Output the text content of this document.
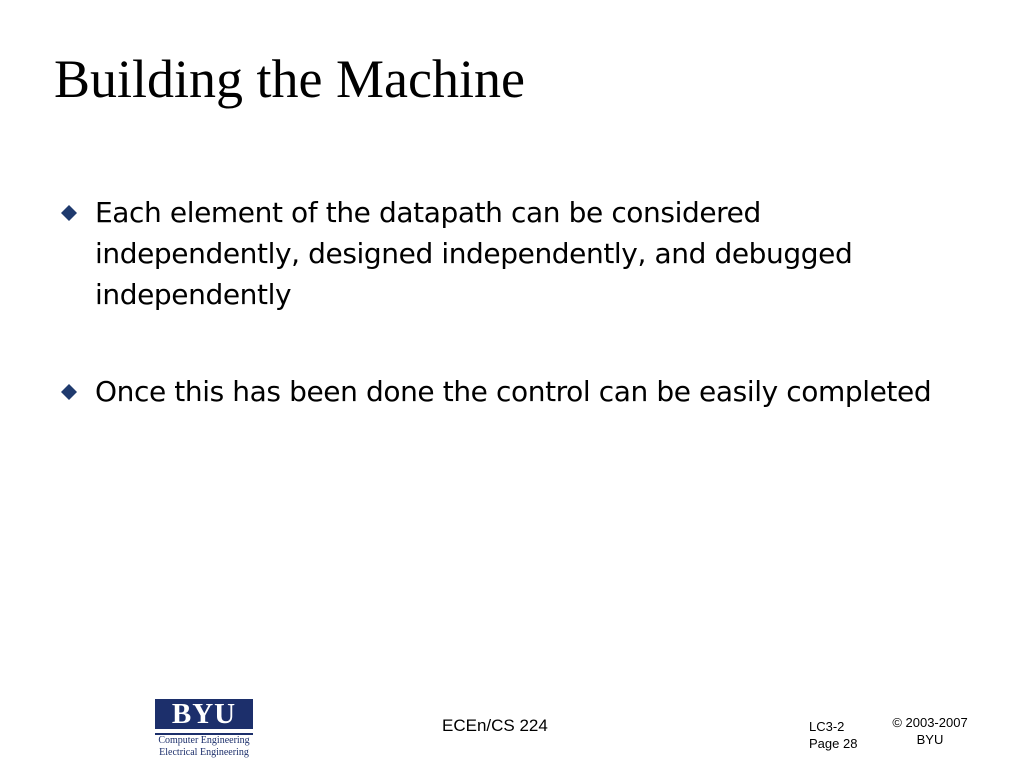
Building the Machine
Each element of the datapath can be considered independently, designed independently, and debugged independently
Once this has been done the control can be easily completed
BYU
Computer Engineering
Electrical Engineering
ECEn/CS 224	LC3-2
Page 28
© 2003-2007
BYU
